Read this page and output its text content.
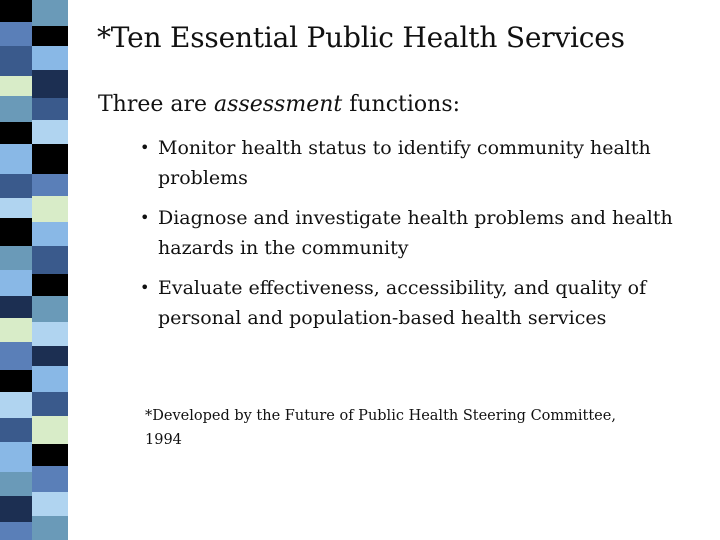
*Ten Essential Public Health Services
Three are assessment functions:
• Monitor health status to identify community health problems
• Diagnose and investigate health problems and health hazards in the community
• Evaluate effectiveness, accessibility, and quality of personal and population-based health services
*Developed by the Future of Public Health Steering Committee, 1994
